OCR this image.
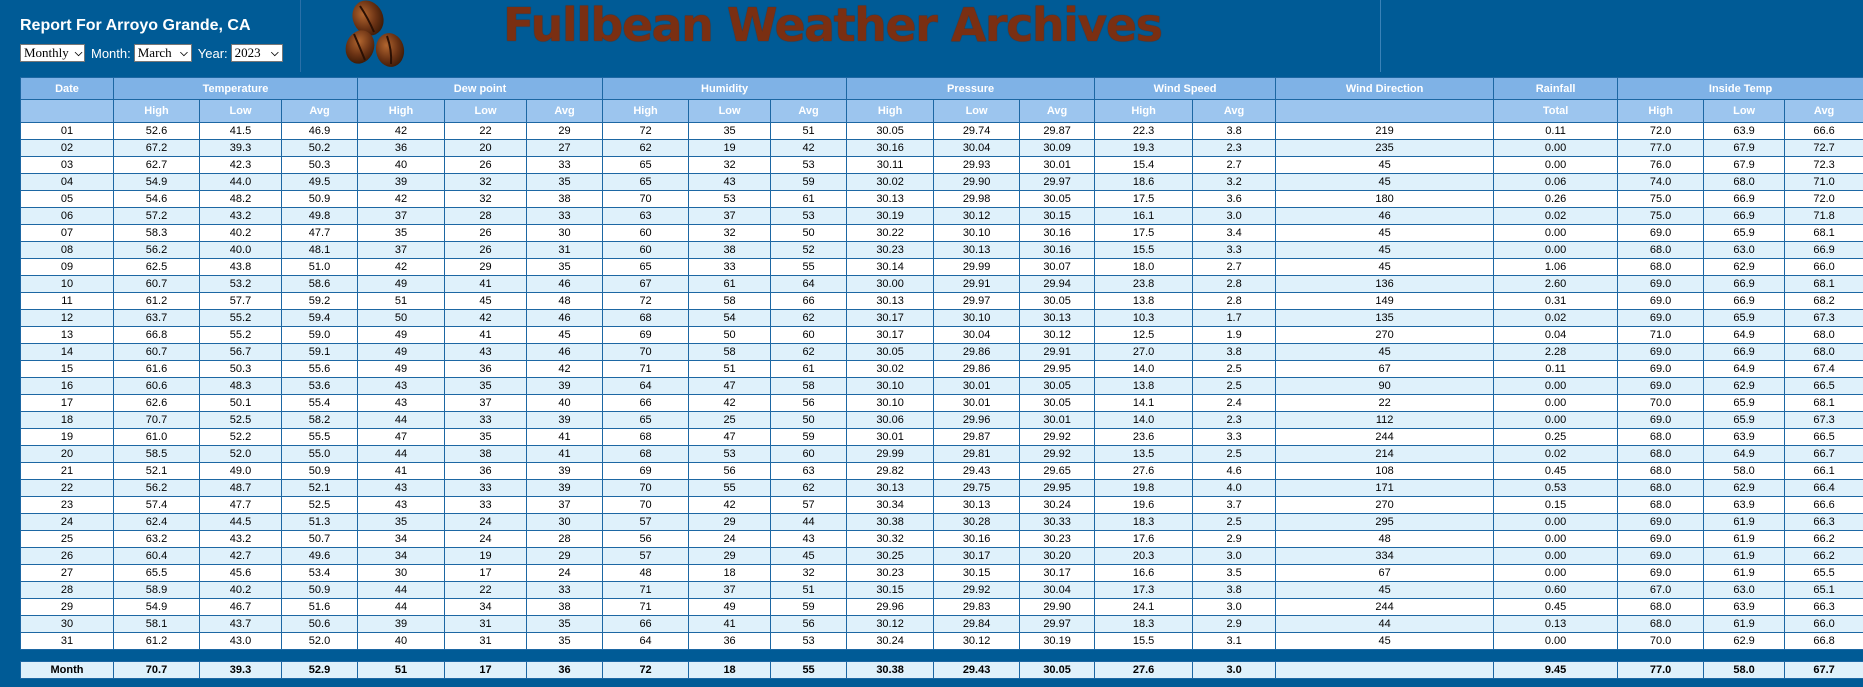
Report For Arroyo Grande, CA
Monthly ⌵ Month: March ⌵ Year: 2023 ⌵
Fullbean Weather Archives
Date	Temperature			Dew point			Humidity			Pressure			Wind Speed		Wind Direction	Rainfall	Inside Temp		
	High	Low	Avg	High	Low	Avg	High	Low	Avg	High	Low	Avg	High	Avg		Total	High	Low	Avg
01	52.6	41.5	46.9	42	22	29	72	35	51	30.05	29.74	29.87	22.3	3.8	219	0.11	72.0	63.9	66.6
02	67.2	39.3	50.2	36	20	27	62	19	42	30.16	30.04	30.09	19.3	2.3	235	0.00	77.0	67.9	72.7
03	62.7	42.3	50.3	40	26	33	65	32	53	30.11	29.93	30.01	15.4	2.7	45	0.00	76.0	67.9	72.3
04	54.9	44.0	49.5	39	32	35	65	43	59	30.02	29.90	29.97	18.6	3.2	45	0.06	74.0	68.0	71.0
05	54.6	48.2	50.9	42	32	38	70	53	61	30.13	29.98	30.05	17.5	3.6	180	0.26	75.0	66.9	72.0
06	57.2	43.2	49.8	37	28	33	63	37	53	30.19	30.12	30.15	16.1	3.0	46	0.02	75.0	66.9	71.8
07	58.3	40.2	47.7	35	26	30	60	32	50	30.22	30.10	30.16	17.5	3.4	45	0.00	69.0	65.9	68.1
08	56.2	40.0	48.1	37	26	31	60	38	52	30.23	30.13	30.16	15.5	3.3	45	0.00	68.0	63.0	66.9
09	62.5	43.8	51.0	42	29	35	65	33	55	30.14	29.99	30.07	18.0	2.7	45	1.06	68.0	62.9	66.0
10	60.7	53.2	58.6	49	41	46	67	61	64	30.00	29.91	29.94	23.8	2.8	136	2.60	69.0	66.9	68.1
11	61.2	57.7	59.2	51	45	48	72	58	66	30.13	29.97	30.05	13.8	2.8	149	0.31	69.0	66.9	68.2
12	63.7	55.2	59.4	50	42	46	68	54	62	30.17	30.10	30.13	10.3	1.7	135	0.02	69.0	65.9	67.3
13	66.8	55.2	59.0	49	41	45	69	50	60	30.17	30.04	30.12	12.5	1.9	270	0.04	71.0	64.9	68.0
14	60.7	56.7	59.1	49	43	46	70	58	62	30.05	29.86	29.91	27.0	3.8	45	2.28	69.0	66.9	68.0
15	61.6	50.3	55.6	49	36	42	71	51	61	30.02	29.86	29.95	14.0	2.5	67	0.11	69.0	64.9	67.4
16	60.6	48.3	53.6	43	35	39	64	47	58	30.10	30.01	30.05	13.8	2.5	90	0.00	69.0	62.9	66.5
17	62.6	50.1	55.4	43	37	40	66	42	56	30.10	30.01	30.05	14.1	2.4	22	0.00	70.0	65.9	68.1
18	70.7	52.5	58.2	44	33	39	65	25	50	30.06	29.96	30.01	14.0	2.3	112	0.00	69.0	65.9	67.3
19	61.0	52.2	55.5	47	35	41	68	47	59	30.01	29.87	29.92	23.6	3.3	244	0.25	68.0	63.9	66.5
20	58.5	52.0	55.0	44	38	41	68	53	60	29.99	29.81	29.92	13.5	2.5	214	0.02	68.0	64.9	66.7
21	52.1	49.0	50.9	41	36	39	69	56	63	29.82	29.43	29.65	27.6	4.6	108	0.45	68.0	58.0	66.1
22	56.2	48.7	52.1	43	33	39	70	55	62	30.13	29.75	29.95	19.8	4.0	171	0.53	68.0	62.9	66.4
23	57.4	47.7	52.5	43	33	37	70	42	57	30.34	30.13	30.24	19.6	3.7	270	0.15	68.0	63.9	66.6
24	62.4	44.5	51.3	35	24	30	57	29	44	30.38	30.28	30.33	18.3	2.5	295	0.00	69.0	61.9	66.3
25	63.2	43.2	50.7	34	24	28	56	24	43	30.32	30.16	30.23	17.6	2.9	48	0.00	69.0	61.9	66.2
26	60.4	42.7	49.6	34	19	29	57	29	45	30.25	30.17	30.20	20.3	3.0	334	0.00	69.0	61.9	66.2
27	65.5	45.6	53.4	30	17	24	48	18	32	30.23	30.15	30.17	16.6	3.5	67	0.00	69.0	61.9	65.5
28	58.9	40.2	50.9	44	22	33	71	37	51	30.15	29.92	30.04	17.3	3.8	45	0.60	67.0	63.0	65.1
29	54.9	46.7	51.6	44	34	38	71	49	59	29.96	29.83	29.90	24.1	3.0	244	0.45	68.0	63.9	66.3
30	58.1	43.7	50.6	39	31	35	66	41	56	30.12	29.84	29.97	18.3	2.9	44	0.13	68.0	61.9	66.0
31	61.2	43.0	52.0	40	31	35	64	36	53	30.24	30.12	30.19	15.5	3.1	45	0.00	70.0	62.9	66.8

Month	70.7	39.3	52.9	51	17	36	72	18	55	30.38	29.43	30.05	27.6	3.0		9.45	77.0	58.0	67.7
